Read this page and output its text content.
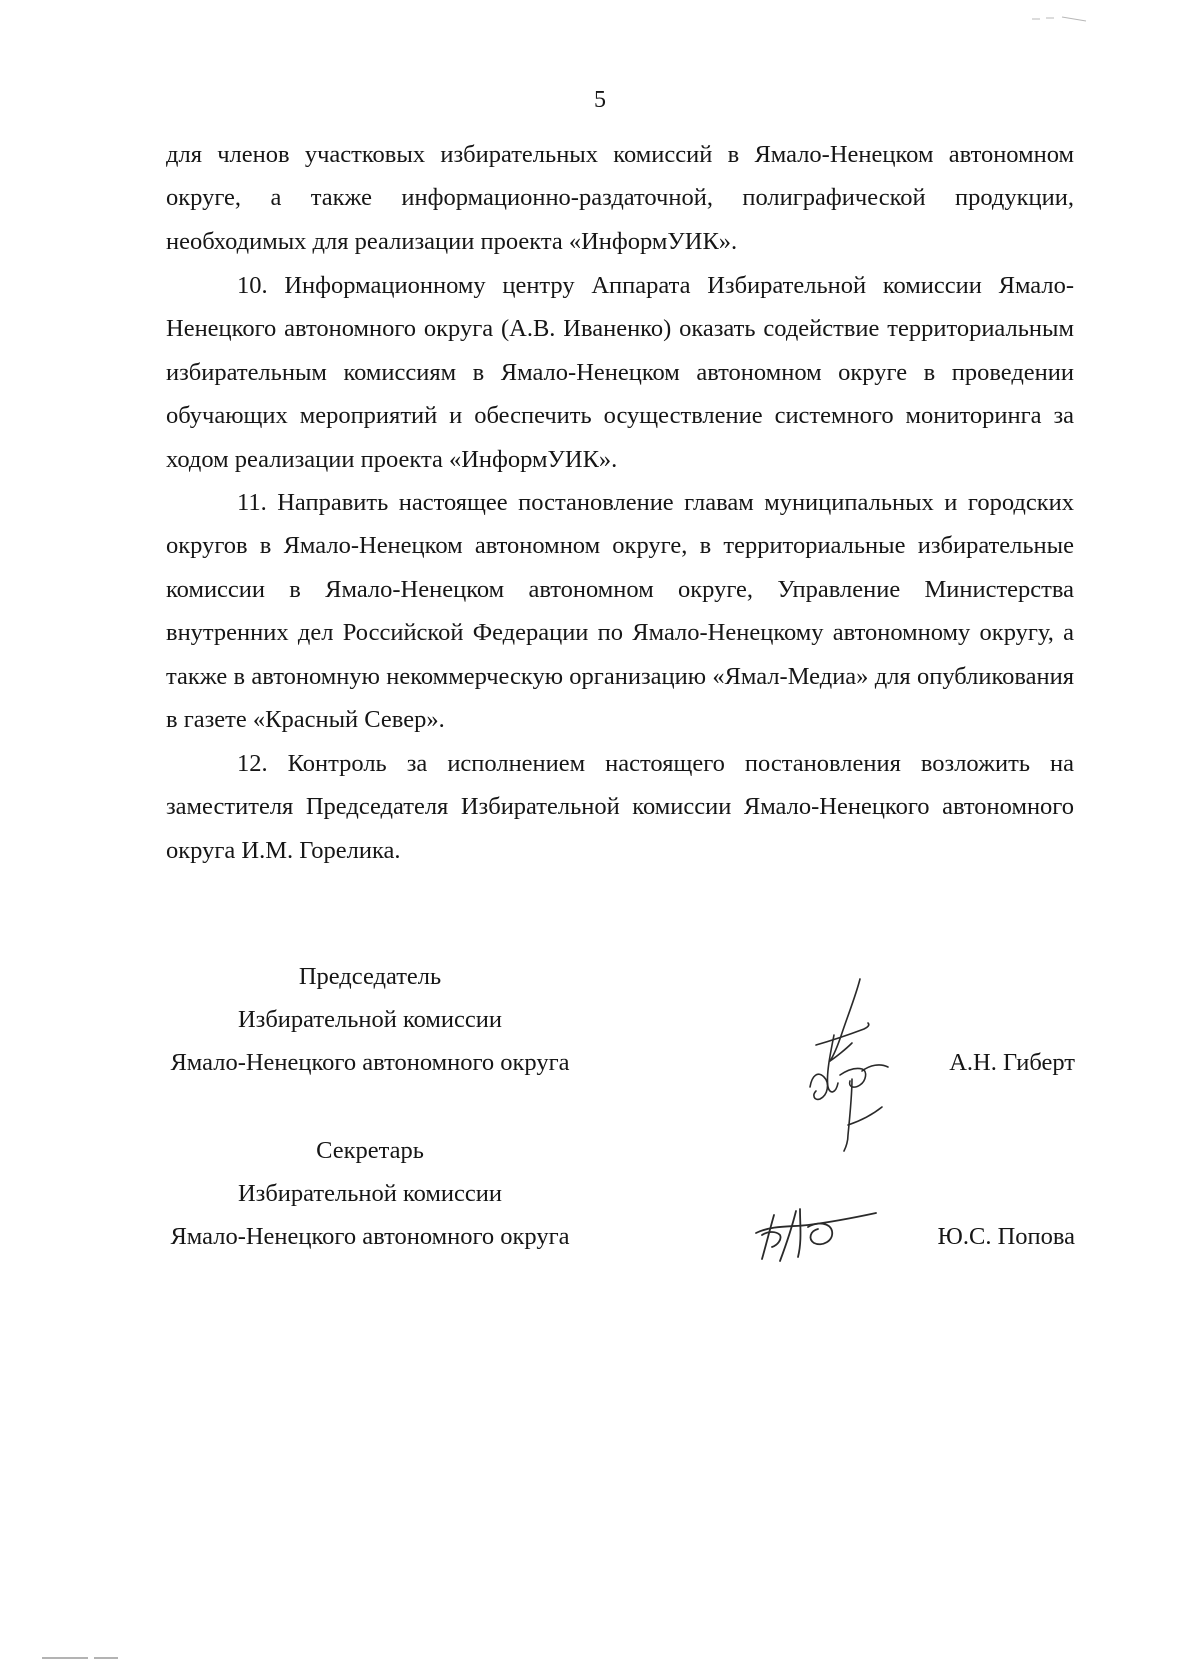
5

для членов участковых избирательных комиссий в Ямало-Ненецком автономном округе, а также информационно-раздаточной, полиграфической продукции, необходимых для реализации проекта «ИнформУИК».

10. Информационному центру Аппарата Избирательной комиссии Ямало-Ненецкого автономного округа (А.В. Иваненко) оказать содействие территориальным избирательным комиссиям в Ямало-Ненецком автономном округе в проведении обучающих мероприятий и обеспечить осуществление системного мониторинга за ходом реализации проекта «ИнформУИК».

11. Направить настоящее постановление главам муниципальных и городских округов в Ямало-Ненецком автономном округе, в территориальные избирательные комиссии в Ямало-Ненецком автономном округе, Управление Министерства внутренних дел Российской Федерации по Ямало-Ненецкому автономному округу, а также в автономную некоммерческую организацию «Ямал-Медиа» для опубликования в газете «Красный Север».

12. Контроль за исполнением настоящего постановления возложить на заместителя Председателя Избирательной комиссии Ямало-Ненецкого автономного округа И.М. Горелика.

Председатель
Избирательной комиссии
Ямало-Ненецкого автономного округа	А.Н. Гиберт
Секретарь
Избирательной комиссии
Ямало-Ненецкого автономного округа	Ю.С. Попова
